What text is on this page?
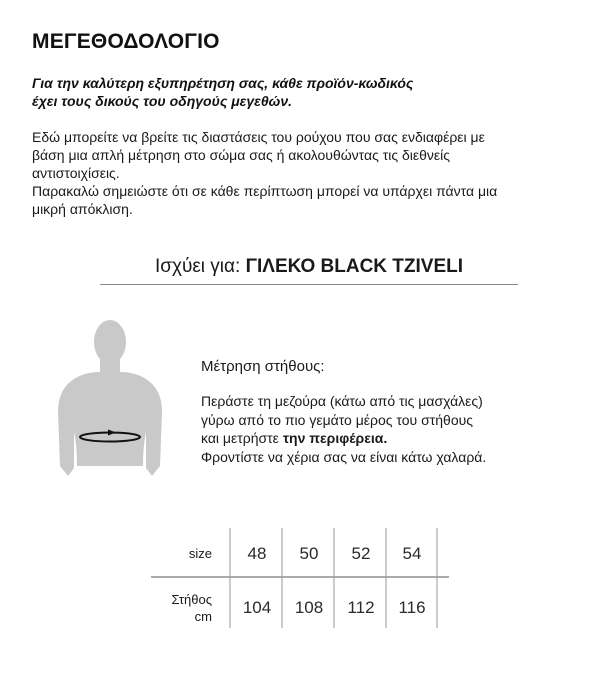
ΜΕΓΕΘΟΔΟΛΟΓΙΟ
Για την καλύτερη εξυπηρέτηση σας, κάθε προϊόν-κωδικός
έχει τους δικούς του οδηγούς μεγεθών.
Εδώ μπορείτε να βρείτε τις διαστάσεις του ρούχου που σας ενδιαφέρει με
βάση μια απλή μέτρηση στο σώμα σας ή ακολουθώντας τις διεθνείς
αντιστοιχίσεις.
Παρακαλώ σημειώστε ότι σε κάθε περίπτωση μπορεί να υπάρχει πάντα μια
μικρή απόκλιση.
Ισχύει για: ΓΙΛΕΚΟ BLACK TZIVELI
Μέτρηση στήθους:
Περάστε τη μεζούρα (κάτω από τις μασχάλες)
γύρω από το πιο γεμάτο μέρος του στήθους
και μετρήστε την περιφέρεια.
Φροντίστε να χέρια σας να είναι κάτω χαλαρά.
size	48	50	52	54
Στήθος
cm	104	108	112	116
